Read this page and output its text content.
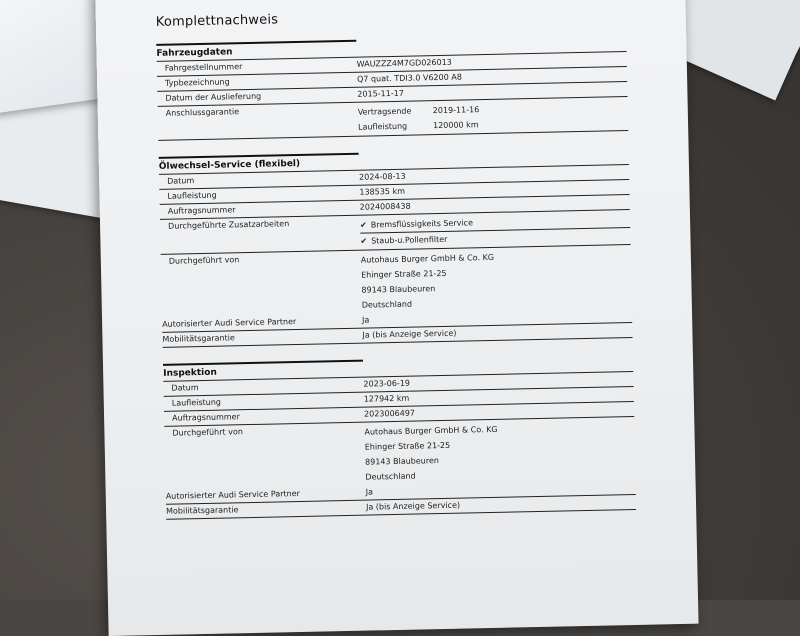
Komplettnachweis
Fahrzeugdaten
Fahrgestellnummer	WAUZZZ4M7GD026013
Typbezeichnung	Q7 quat. TDI3.0 V6200 A8
Datum der Auslieferung	2015-11-17
Anschlussgarantie	Vertragsende	2019-11-16
Laufleistung	120000 km
Ölwechsel-Service (flexibel)
Datum	2024-08-13
Laufleistung	138535 km
Auftragsnummer	2024008438
Durchgeführte Zusatzarbeiten	✔ Bremsflüssigkeits Service
✔ Staub-u.Pollenfilter
Durchgeführt von	Autohaus Burger GmbH & Co. KG
Ehinger Straße 21-25
89143 Blaubeuren
Deutschland
Autorisierter Audi Service Partner	Ja
Mobilitätsgarantie	Ja (bis Anzeige Service)
Inspektion
Datum	2023-06-19
Laufleistung	127942 km
Auftragsnummer	2023006497
Durchgeführt von	Autohaus Burger GmbH & Co. KG
Ehinger Straße 21-25
89143 Blaubeuren
Deutschland
Autorisierter Audi Service Partner	Ja
Mobilitätsgarantie	Ja (bis Anzeige Service)
